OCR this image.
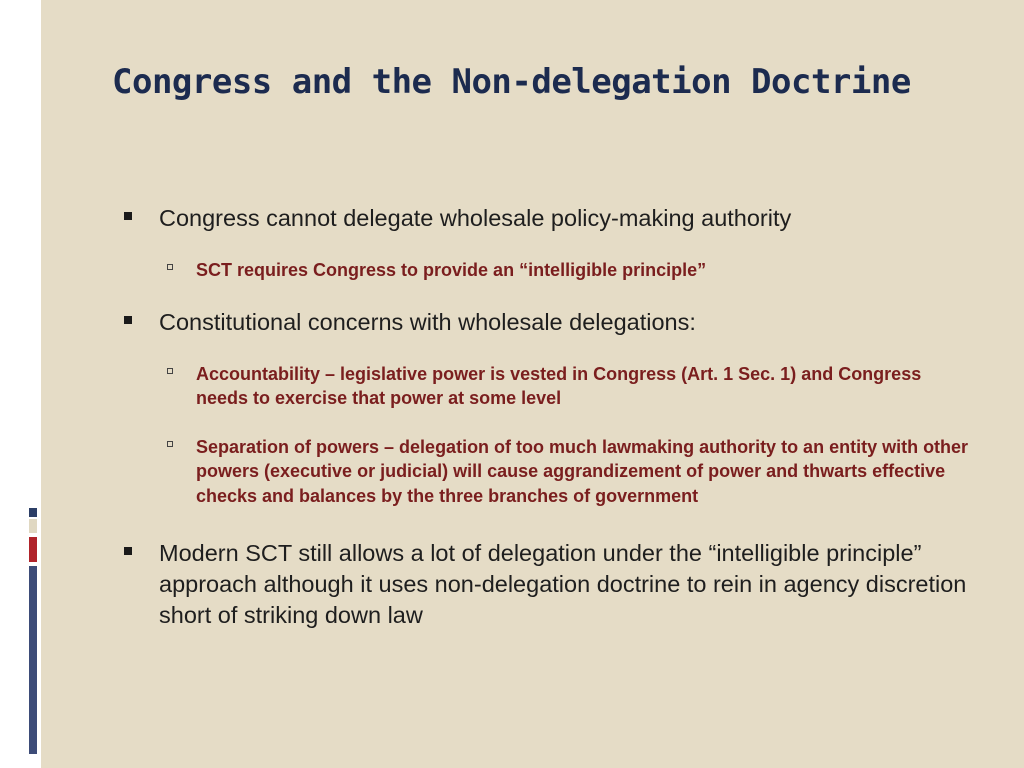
Congress and the Non-delegation Doctrine
Congress cannot delegate wholesale policy-making authority
SCT requires Congress to provide an “intelligible principle”
Constitutional concerns with wholesale delegations:
Accountability – legislative power is vested in Congress (Art. 1 Sec. 1) and Congress needs to exercise that power at some level
Separation of powers – delegation of too much lawmaking authority to an entity with other powers (executive or judicial) will cause aggrandizement of power and thwarts effective checks and balances by the three branches of government
Modern SCT still allows a lot of delegation under the “intelligible principle” approach although it uses non-delegation doctrine to rein in agency discretion short of striking down law
